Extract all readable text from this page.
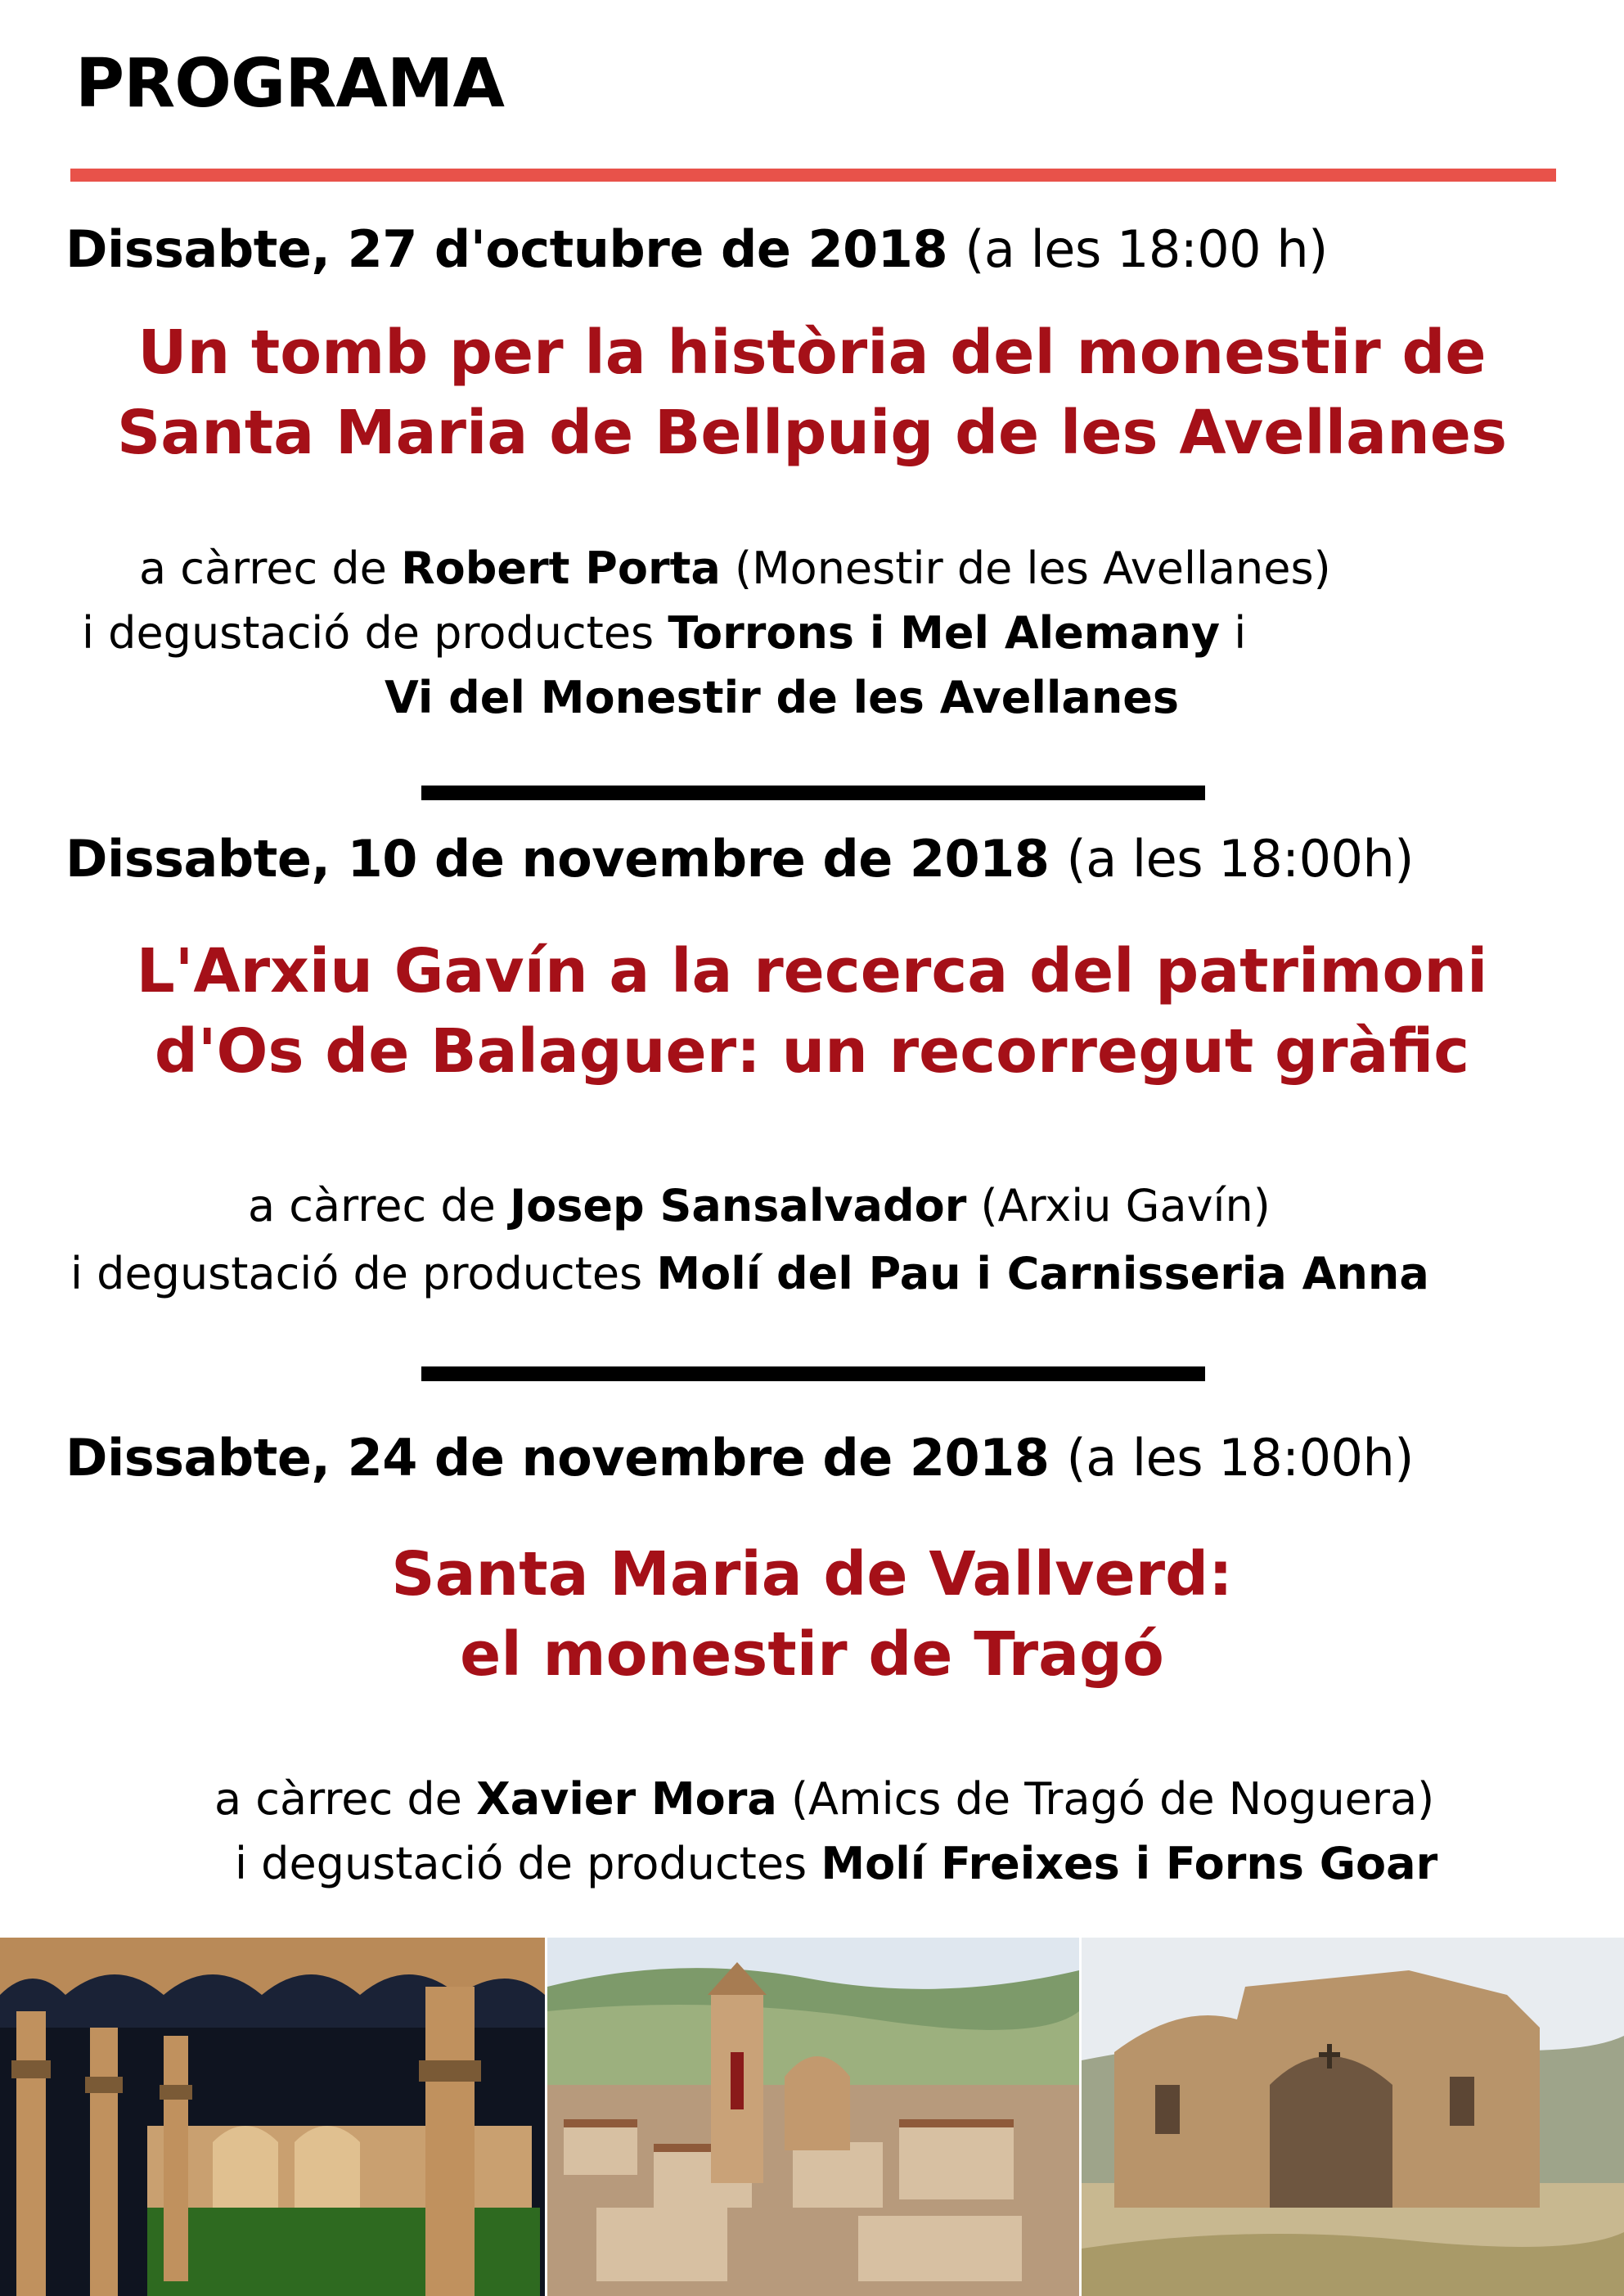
PROGRAMA
Dissabte, 27 d'octubre de 2018 (a les 18:00 h)
Un tomb per la història del monestir de
Santa Maria de Bellpuig de les Avellanes
a càrrec de Robert Porta (Monestir de les Avellanes)
i degustació de productes Torrons i Mel Alemany i
Vi del Monestir de les Avellanes
Dissabte, 10 de novembre de 2018 (a les 18:00h)
L'Arxiu Gavín a la recerca del patrimoni
d'Os de Balaguer: un recorregut gràfic
a càrrec de Josep Sansalvador (Arxiu Gavín)
i degustació de productes Molí del Pau i Carnisseria Anna
Dissabte, 24 de novembre de 2018 (a les 18:00h)
Santa Maria de Vallverd:
el monestir de Tragó
a càrrec de Xavier Mora (Amics de Tragó de Noguera)
i degustació de productes Molí Freixes i Forns Goar
